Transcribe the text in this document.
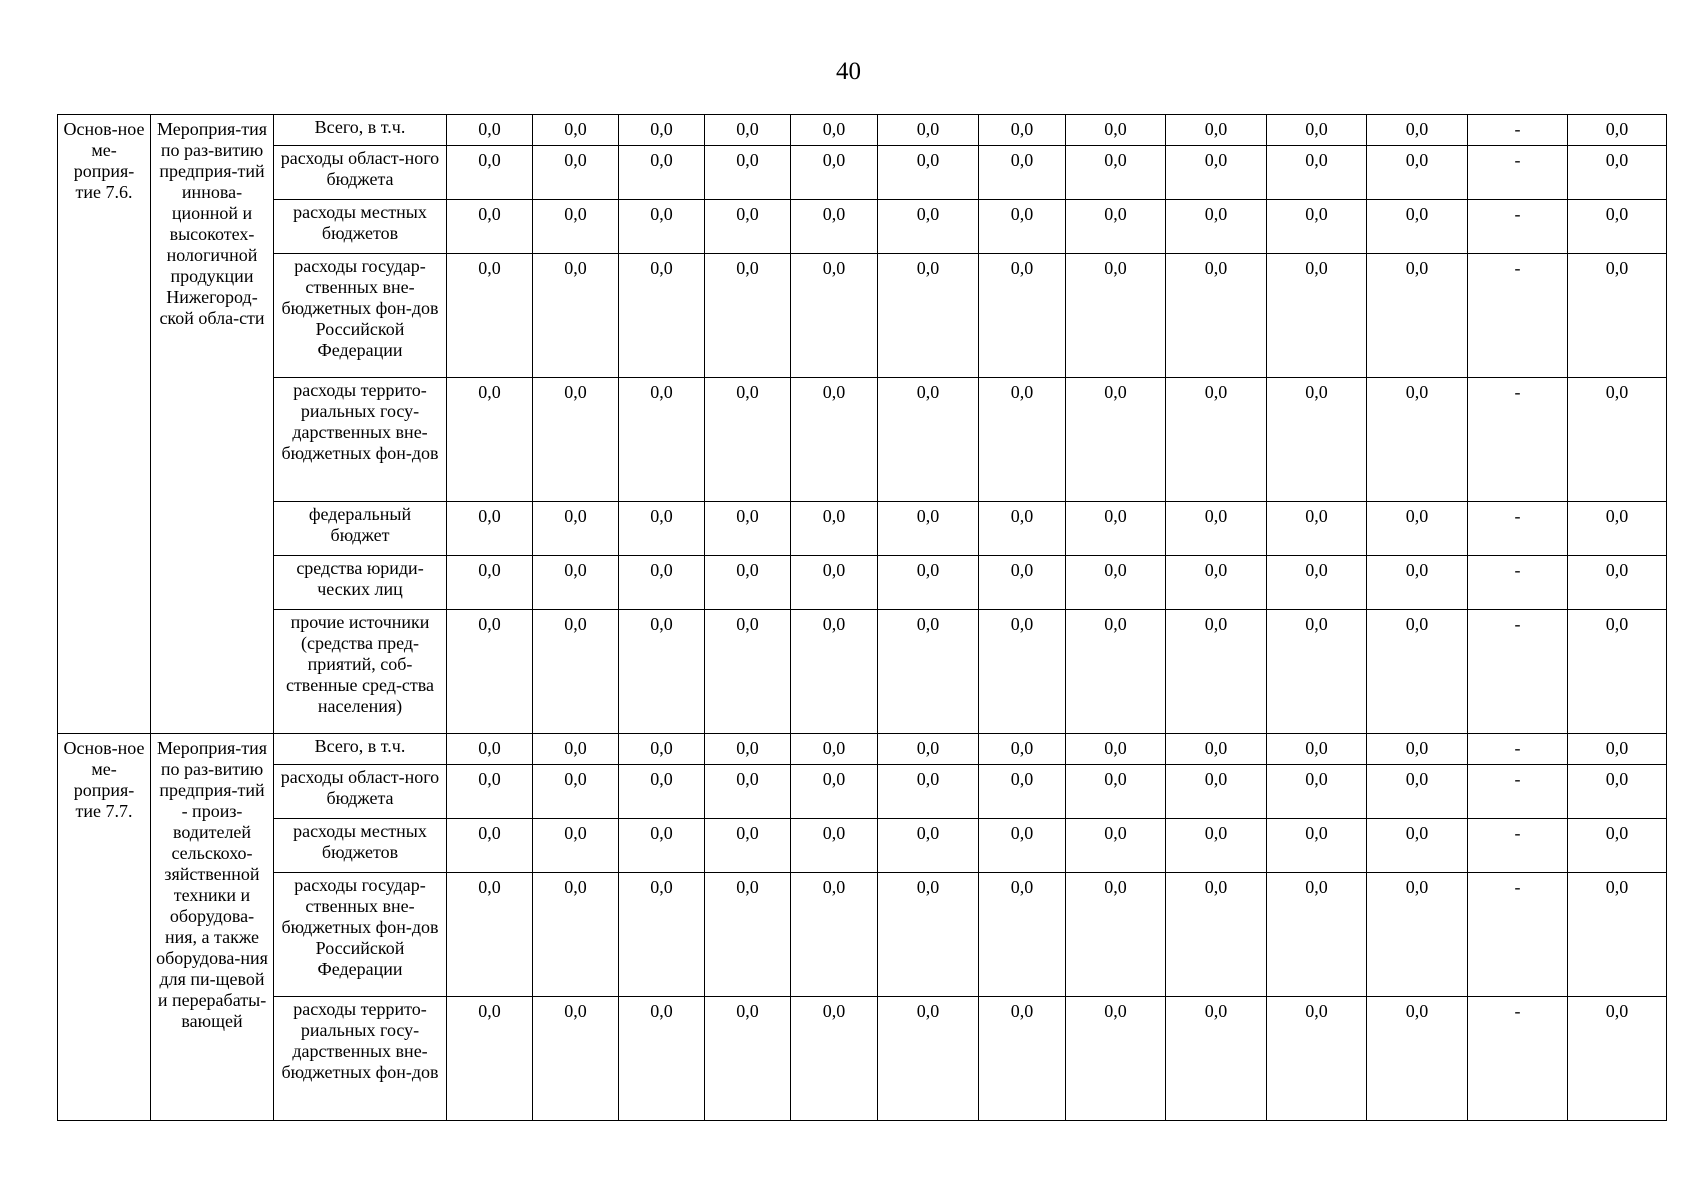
40
Основ-ное ме-роприя-тие 7.6.	Мероприя-тия по раз-витию предприя-тий иннова-ционной и высокотех-нологичной продукции Нижегород-ской обла-сти	Всего, в т.ч.	0,0	0,0	0,0	0,0	0,0	0,0	0,0	0,0	0,0	0,0	0,0	-	0,0
		расходы област-ного бюджета	0,0	0,0	0,0	0,0	0,0	0,0	0,0	0,0	0,0	0,0	0,0	-	0,0
		расходы местных бюджетов	0,0	0,0	0,0	0,0	0,0	0,0	0,0	0,0	0,0	0,0	0,0	-	0,0
		расходы государ-ственных вне-бюджетных фон-дов Российской Федерации	0,0	0,0	0,0	0,0	0,0	0,0	0,0	0,0	0,0	0,0	0,0	-	0,0
		расходы террито-риальных госу-дарственных вне-бюджетных фон-дов	0,0	0,0	0,0	0,0	0,0	0,0	0,0	0,0	0,0	0,0	0,0	-	0,0
		федеральный бюджет	0,0	0,0	0,0	0,0	0,0	0,0	0,0	0,0	0,0	0,0	0,0	-	0,0
		средства юриди-ческих лиц	0,0	0,0	0,0	0,0	0,0	0,0	0,0	0,0	0,0	0,0	0,0	-	0,0
		прочие источники (средства пред-приятий, соб-ственные сред-ства населения)	0,0	0,0	0,0	0,0	0,0	0,0	0,0	0,0	0,0	0,0	0,0	-	0,0
Основ-ное ме-роприя-тие 7.7.	Мероприя-тия по раз-витию предприя-тий - произ-водителей сельскохо-зяйственной техники и оборудова-ния, а также оборудова-ния для пи-щевой и перерабаты-вающей	Всего, в т.ч.	0,0	0,0	0,0	0,0	0,0	0,0	0,0	0,0	0,0	0,0	0,0	-	0,0
		расходы област-ного бюджета	0,0	0,0	0,0	0,0	0,0	0,0	0,0	0,0	0,0	0,0	0,0	-	0,0
		расходы местных бюджетов	0,0	0,0	0,0	0,0	0,0	0,0	0,0	0,0	0,0	0,0	0,0	-	0,0
		расходы государ-ственных вне-бюджетных фон-дов Российской Федерации	0,0	0,0	0,0	0,0	0,0	0,0	0,0	0,0	0,0	0,0	0,0	-	0,0
		расходы террито-риальных госу-дарственных вне-бюджетных фон-дов	0,0	0,0	0,0	0,0	0,0	0,0	0,0	0,0	0,0	0,0	0,0	-	0,0
